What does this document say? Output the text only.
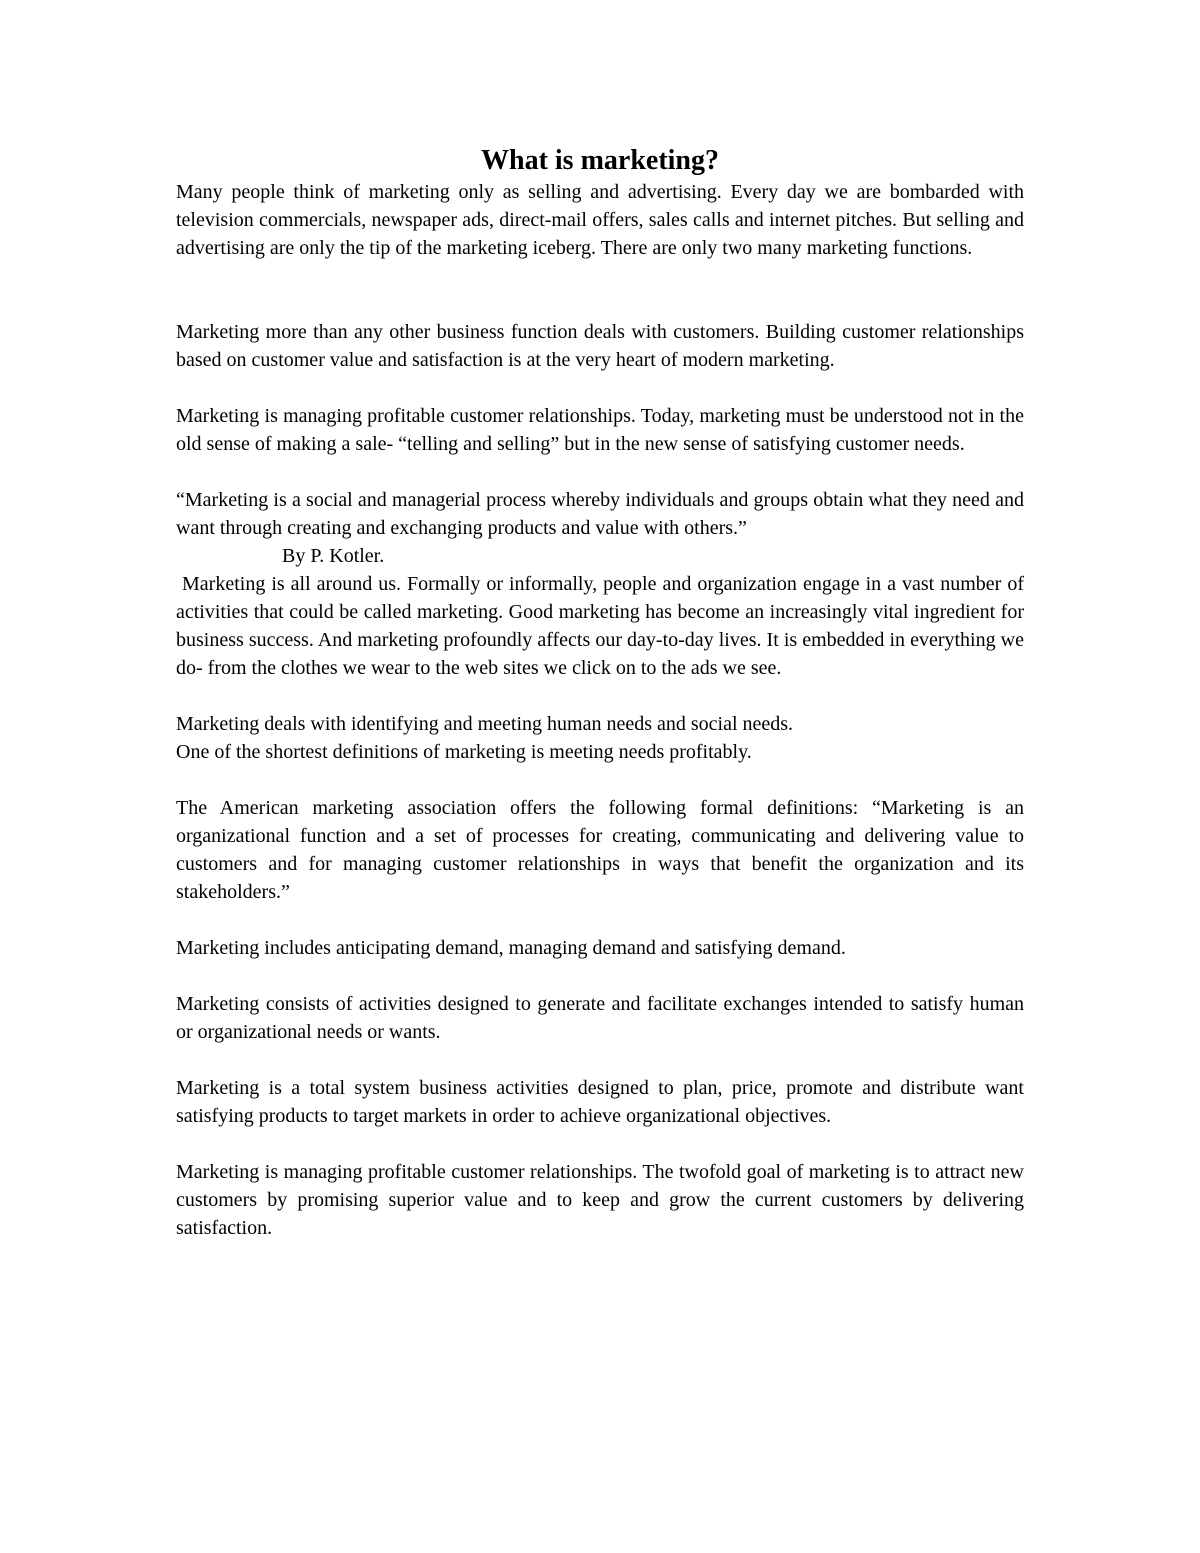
What is marketing?

Many people think of marketing only as selling and advertising. Every day we are bombarded with television commercials, newspaper ads, direct-mail offers, sales calls and internet pitches. But selling and advertising are only the tip of the marketing iceberg. There are only two many marketing functions.

Marketing more than any other business function deals with customers. Building customer relationships based on customer value and satisfaction is at the very heart of modern marketing.

Marketing is managing profitable customer relationships. Today, marketing must be understood not in the old sense of making a sale- “telling and selling” but in the new sense of satisfying customer needs.

“Marketing is a social and managerial process whereby individuals and groups obtain what they need and want through creating and exchanging products and value with others.”

By P. Kotler.

Marketing is all around us. Formally or informally, people and organization engage in a vast number of activities that could be called marketing. Good marketing has become an increasingly vital ingredient for business success. And marketing profoundly affects our day-to-day lives. It is embedded in everything we do- from the clothes we wear to the web sites we click on to the ads we see.

Marketing deals with identifying and meeting human needs and social needs.

One of the shortest definitions of marketing is meeting needs profitably.

The American marketing association offers the following formal definitions: “Marketing is an organizational function and a set of processes for creating, communicating and delivering value to customers and for managing customer relationships in ways that benefit the organization and its stakeholders.”

Marketing includes anticipating demand, managing demand and satisfying demand.

Marketing consists of activities designed to generate and facilitate exchanges intended to satisfy human or organizational needs or wants.

Marketing is a total system business activities designed to plan, price, promote and distribute want satisfying products to target markets in order to achieve organizational objectives.

Marketing is managing profitable customer relationships. The twofold goal of marketing is to attract new customers by promising superior value and to keep and grow the current customers by delivering satisfaction.
